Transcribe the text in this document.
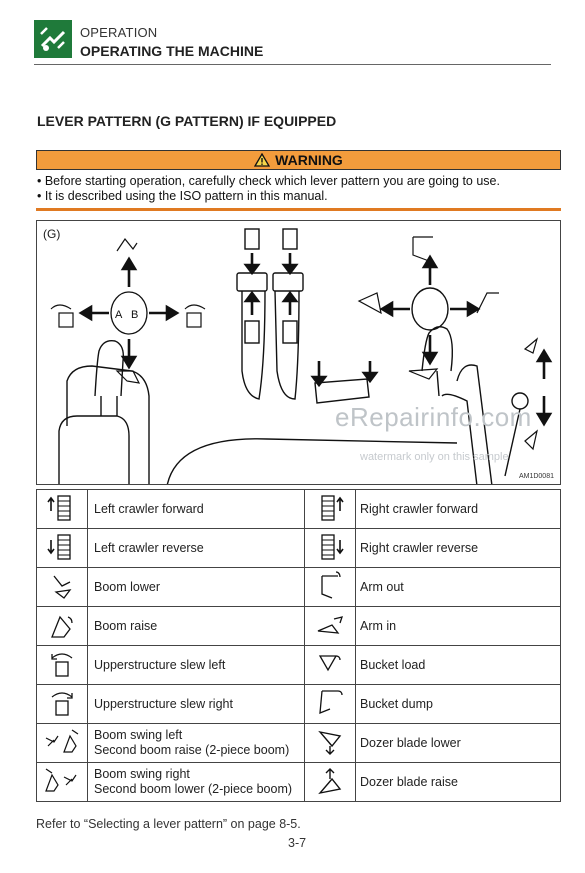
OPERATION
OPERATING THE MACHINE
LEVER PATTERN (G PATTERN) IF EQUIPPED
WARNING
• Before starting operation, carefully check which lever pattern you are going to use.
• It is described using the ISO pattern in this manual.
(G)
A B
AM1D0081
eRepairinfo.com
watermark only on this sample
	Left crawler forward		Right crawler forward
	Left crawler reverse		Right crawler reverse
	Boom lower		Arm out
	Boom raise		Arm in
	Upperstructure slew left		Bucket load
	Upperstructure slew right		Bucket dump

Boom swing left
Second boom raise (2-piece boom)		Dozer blade lower

Boom swing right
Second boom lower (2-piece boom)		Dozer blade raise
Refer to “Selecting a lever pattern” on page 8-5.
3-7
